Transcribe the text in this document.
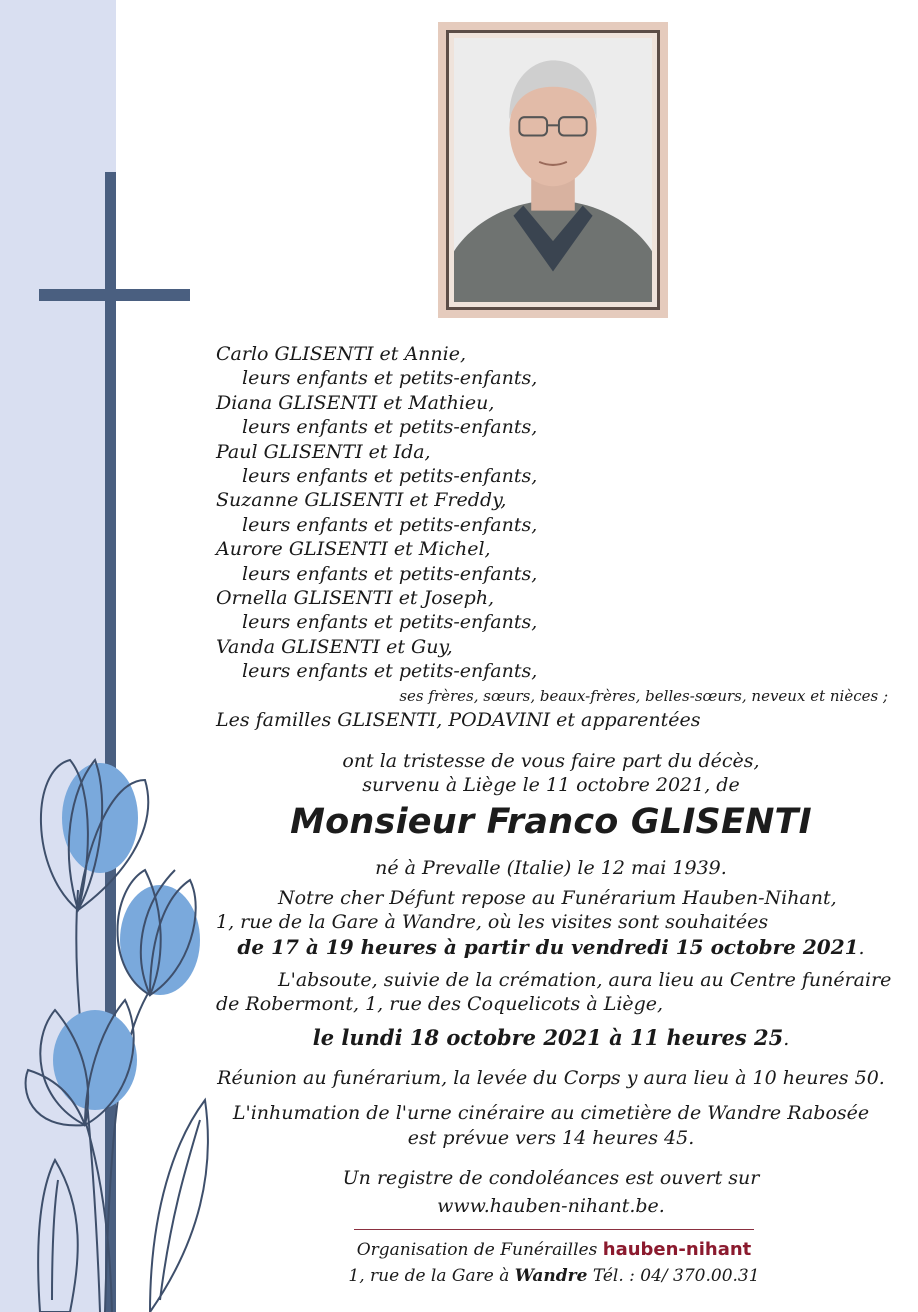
Carlo GLISENTI et Annie,
leurs enfants et petits-enfants,
Diana GLISENTI et Mathieu,
leurs enfants et petits-enfants,
Paul GLISENTI et Ida,
leurs enfants et petits-enfants,
Suzanne GLISENTI et Freddy,
leurs enfants et petits-enfants,
Aurore GLISENTI et Michel,
leurs enfants et petits-enfants,
Ornella GLISENTI et Joseph,
leurs enfants et petits-enfants,
Vanda GLISENTI et Guy,
leurs enfants et petits-enfants,
ses frères, sœurs, beaux-frères, belles-sœurs, neveux et nièces ;
Les familles GLISENTI, PODAVINI et apparentées
ont la tristesse de vous faire part du décès,
survenu à Liège le 11 octobre 2021, de
Monsieur Franco GLISENTI
né à Prevalle (Italie) le 12 mai 1939.
Notre cher Défunt repose au Funérarium Hauben-Nihant,
1, rue de la Gare à Wandre, où les visites sont souhaitées
de 17 à 19 heures à partir du vendredi 15 octobre 2021.
L'absoute, suivie de la crémation, aura lieu au Centre funéraire
de Robermont, 1, rue des Coquelicots à Liège,
le lundi 18 octobre 2021 à 11 heures 25.
Réunion au funérarium, la levée du Corps y aura lieu à 10 heures 50.
L'inhumation de l'urne cinéraire au cimetière de Wandre Rabosée
est prévue vers 14 heures 45.
Un registre de condoléances est ouvert sur
www.hauben-nihant.be.
Organisation de Funérailles hauben-nihant
1, rue de la Gare à Wandre Tél. : 04/ 370.00.31
